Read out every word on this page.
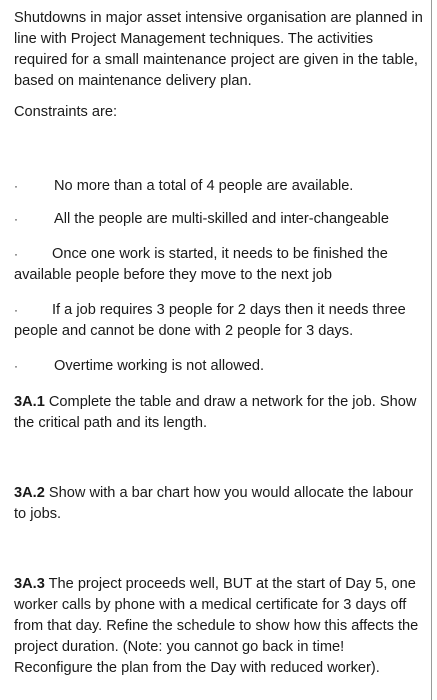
Shutdowns in major asset intensive organisation are planned in line with Project Management techniques. The activities required for a small maintenance project are given in the table, based on maintenance delivery plan.

Constraints are:

·	No more than a total of 4 people are available.
·	All the people are multi-skilled and inter-changeable
·	Once one work is started, it needs to be finished the available people before they move to the next job
·	If a job requires 3 people for 2 days then it needs three people and cannot be done with 2 people for 3 days.
·	Overtime working is not allowed.

3A.1 Complete the table and draw a network for the job. Show the critical path and its length.

3A.2 Show with a bar chart how you would allocate the labour to jobs.

3A.3 The project proceeds well, BUT at the start of Day 5, one worker calls by phone with a medical certificate for 3 days off from that day. Refine the schedule to show how this affects the project duration. (Note: you cannot go back in time! Reconfigure the plan from the Day with reduced worker).
